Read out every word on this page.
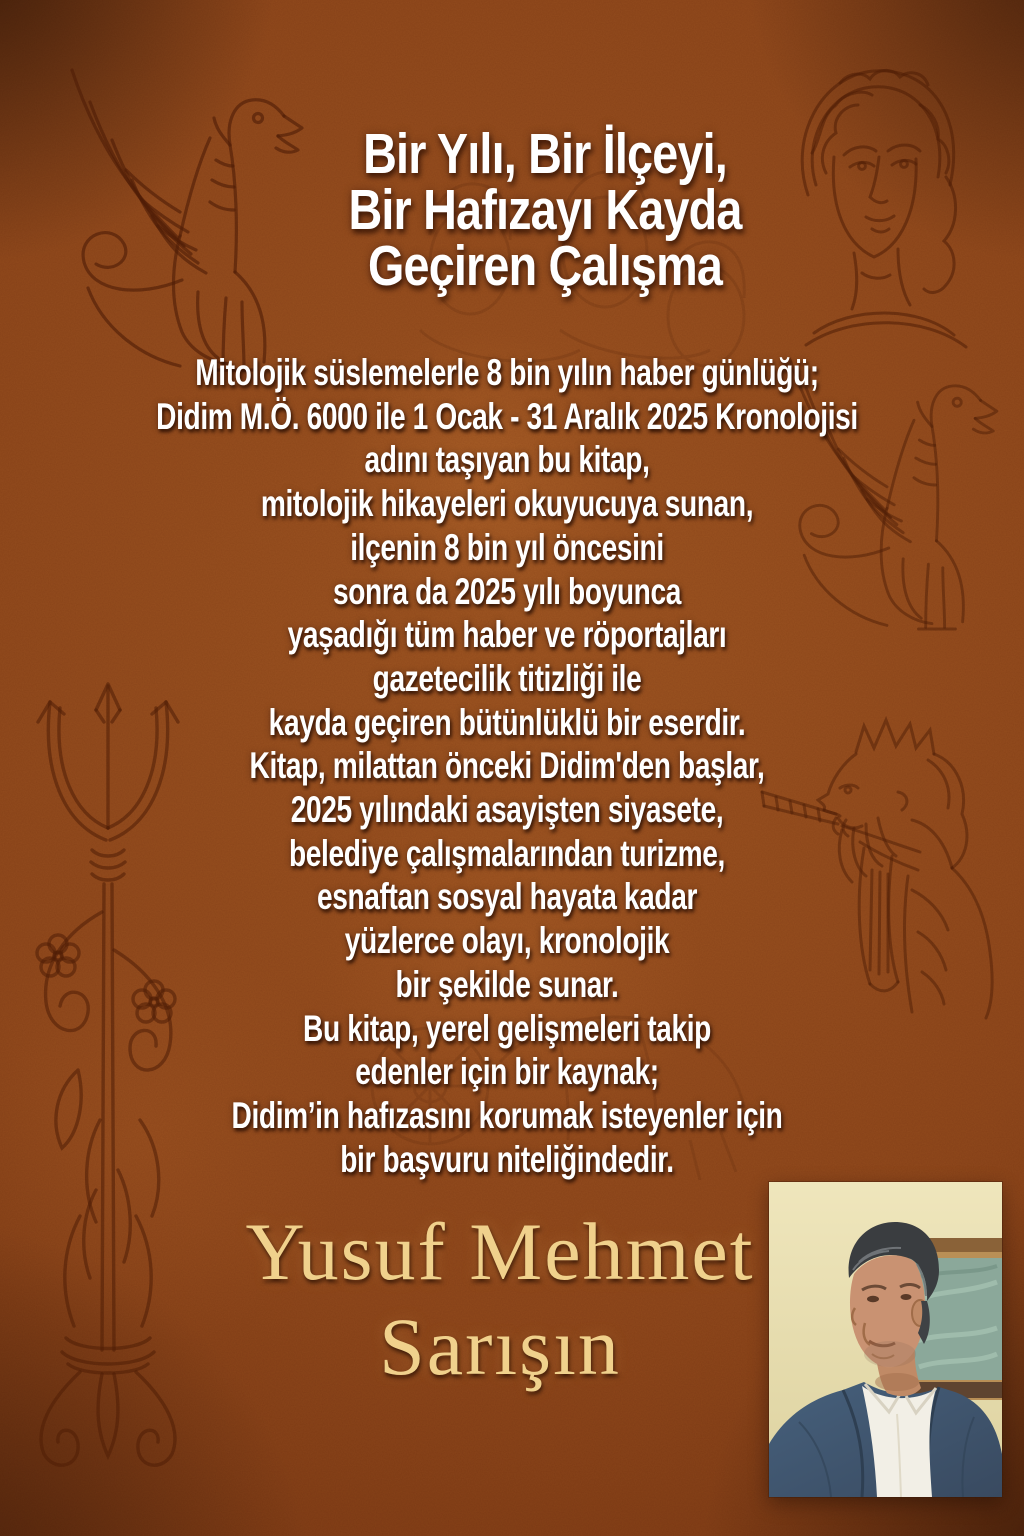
Bir Yılı, Bir İlçeyi,
Bir Hafızayı Kayda
Geçiren Çalışma
Mitolojik süslemelerle 8 bin yılın haber günlüğü;
Didim M.Ö. 6000 ile 1 Ocak - 31 Aralık 2025 Kronolojisi
adını taşıyan bu kitap,
mitolojik hikayeleri okuyucuya sunan,
ilçenin 8 bin yıl öncesini
sonra da 2025 yılı boyunca
yaşadığı tüm haber ve röportajları
gazetecilik titizliği ile
kayda geçiren bütünlüklü bir eserdir.
Kitap, milattan önceki Didim'den başlar,
2025 yılındaki asayişten siyasete,
belediye çalışmalarından turizme,
esnaftan sosyal hayata kadar
yüzlerce olayı, kronolojik
bir şekilde sunar.
Bu kitap, yerel gelişmeleri takip
edenler için bir kaynak;
Didim’in hafızasını korumak isteyenler için
bir başvuru niteliğindedir.
Yusuf Mehmet
Sarışın
